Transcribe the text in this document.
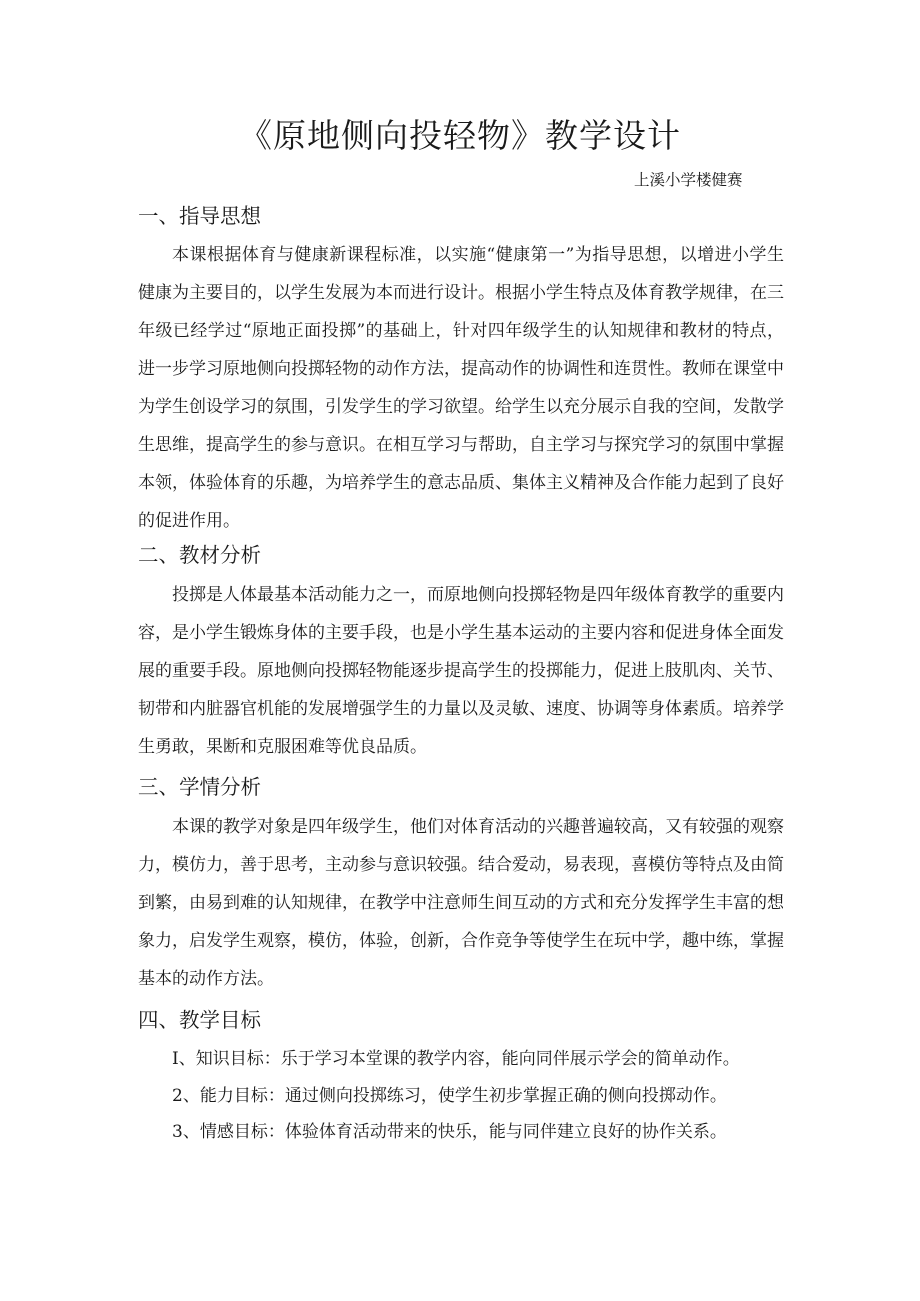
《原地侧向投轻物》教学设计

上溪小学楼健赛

一、指导思想

本课根据体育与健康新课程标准，以实施“健康第一”为指导思想，以增进小学生健康为主要目的，以学生发展为本而进行设计。根据小学生特点及体育教学规律，在三年级已经学过“原地正面投掷”的基础上，针对四年级学生的认知规律和教材的特点，进一步学习原地侧向投掷轻物的动作方法，提高动作的协调性和连贯性。教师在课堂中为学生创设学习的氛围，引发学生的学习欲望。给学生以充分展示自我的空间，发散学生思维，提高学生的参与意识。在相互学习与帮助，自主学习与探究学习的氛围中掌握本领，体验体育的乐趣，为培养学生的意志品质、集体主义精神及合作能力起到了良好的促进作用。

二、教材分析

投掷是人体最基本活动能力之一，而原地侧向投掷轻物是四年级体育教学的重要内容，是小学生锻炼身体的主要手段，也是小学生基本运动的主要内容和促进身体全面发展的重要手段。原地侧向投掷轻物能逐步提高学生的投掷能力，促进上肢肌肉、关节、韧带和内脏器官机能的发展增强学生的力量以及灵敏、速度、协调等身体素质。培养学生勇敢，果断和克服困难等优良品质。

三、学情分析

本课的教学对象是四年级学生，他们对体育活动的兴趣普遍较高，又有较强的观察力，模仿力，善于思考，主动参与意识较强。结合爱动，易表现，喜模仿等特点及由简到繁，由易到难的认知规律，在教学中注意师生间互动的方式和充分发挥学生丰富的想象力，启发学生观察，模仿，体验，创新，合作竞争等使学生在玩中学，趣中练，掌握基本的动作方法。

四、教学目标

I、知识目标：乐于学习本堂课的教学内容，能向同伴展示学会的简单动作。

2、能力目标：通过侧向投掷练习，使学生初步掌握正确的侧向投掷动作。

3、情感目标：体验体育活动带来的快乐，能与同伴建立良好的协作关系。
